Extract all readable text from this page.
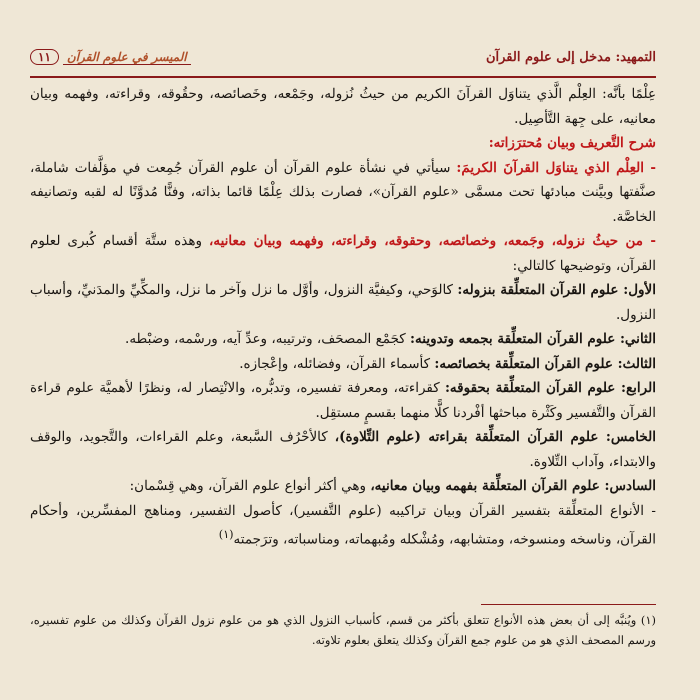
التمهيد: مدخل إلى علوم القرآن
١١	الميسر في علوم القرآن

عِلْمًا بأنَّه: العِلْم الَّذي يتناوَل القرآنَ الكريم من حيثُ نُزوله، وجَمْعه، وخَصائصه، وحقُوقه، وقراءته، وفهمه وبيان معانيه، على جِهة التَّأصِيل.

شرح التَّعريف وبيان مُحترَزاته:

- العِلْم الذي يتناوَل القرآنَ الكريمَ: سيأتي في نشأة علوم القرآن أن علوم القرآن جُمِعت في مؤلَّفات شاملة، صنَّفتها وبيَّنت مبادئها تحت مسمَّى «علوم القرآن»، فصارت بذلك عِلْمًا قائما بذاته، وفنًّا مُدوَّنًا له لقبه وتصانيفه الخاصَّة.

- من حيثُ نزوله، وجَمعه، وخصائصه، وحقوقه، وقراءته، وفهمه وبيان معانيه، وهذه ستَّة أقسام كُبرى لعلوم القرآن، وتوضيحها كالتالي:

الأول: علوم القرآن المتعلِّقة بنزوله: كالوَحي، وكيفيَّة النزول، وأوَّل ما نزل وآخر ما نزل، والمكِّيِّ والمدَنيِّ، وأسباب النزول.

الثاني: علوم القرآن المتعلِّقة بجمعه وتدوينه: كجَمْع المصحَف، وترتيبه، وعدِّ آيه، ورسْمه، وضبْطه.

الثالث: علوم القرآن المتعلِّقة بخصائصه: كأسماء القرآن، وفضائله، وإعْجازه.

الرابع: علوم القرآن المتعلِّقة بحقوقه: كقراءته، ومعرفة تفسيره، وتدبُّره، والانْتِصار له، ونظرًا لأهميَّة علوم قراءة القرآن والتَّفسير وكَثْرة مباحثها أفْردنا كلًّا منهما بقسمٍ مستقِل.

الخامس: علوم القرآن المتعلِّقة بقراءته (علوم التِّلاوة)، كالأحْرُف السَّبعة، وعلم القراءات، والتَّجويد، والوقف والابتداء، وآداب التِّلاوة.

السادس: علوم القرآن المتعلِّقة بفهمه وبيان معانيه، وهي أكثر أنواع علوم القرآن، وهي قِسْمان:

- الأنواع المتعلِّقة بتفسير القرآن وبيان تراكيبه (علوم التَّفسير)، كأصول التفسير، ومناهج المفسِّرين، وأحكام القرآن، وناسخه ومنسوخه، ومتشابهه، ومُشْكله ومُبهماته، ومناسباته، وترَجمته$^{(١)}$

(١) ويُنبَّه إلى أن بعض هذه الأنواع تتعلق بأكثر من قسم، كأسباب النزول الذي هو من علوم نزول القرآن وكذلك من علوم تفسيره، ورسم المصحف الذي هو من علوم جمع القرآن وكذلك يتعلق بعلوم تلاوته.
